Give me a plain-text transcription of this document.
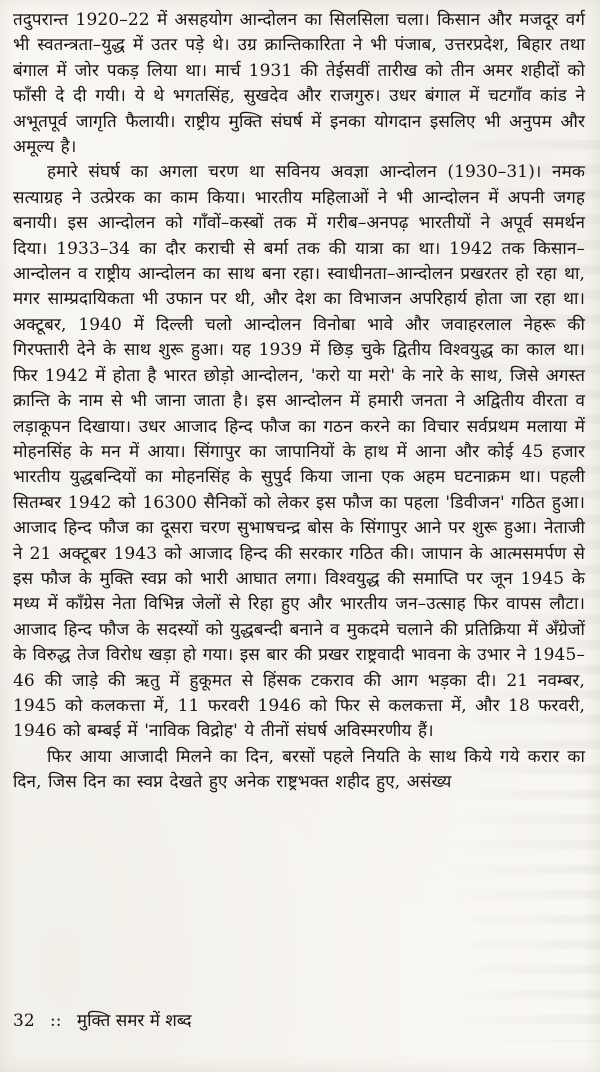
तदुपरान्त 1920–22 में असहयोग आन्दोलन का सिलसिला चला। किसान और मजदूर वर्ग भी स्वतन्त्रता–युद्ध में उतर पड़े थे। उग्र क्रान्तिकारिता ने भी पंजाब, उत्तरप्रदेश, बिहार तथा बंगाल में जोर पकड़ लिया था। मार्च 1931 की तेईसवीं तारीख को तीन अमर शहीदों को फाँसी दे दी गयी। ये थे भगतसिंह, सुखदेव और राजगुरु। उधर बंगाल में चटगाँव कांड ने अभूतपूर्व जागृति फैलायी। राष्ट्रीय मुक्ति संघर्ष में इनका योगदान इसलिए भी अनुपम और अमूल्य है।

हमारे संघर्ष का अगला चरण था सविनय अवज्ञा आन्दोलन (1930–31)। नमक सत्याग्रह ने उत्प्रेरक का काम किया। भारतीय महिलाओं ने भी आन्दोलन में अपनी जगह बनायी। इस आन्दोलन को गाँवों–कस्बों तक में गरीब–अनपढ़ भारतीयों ने अपूर्व समर्थन दिया। 1933–34 का दौर कराची से बर्मा तक की यात्रा का था। 1942 तक किसान–आन्दोलन व राष्ट्रीय आन्दोलन का साथ बना रहा। स्वाधीनता–आन्दोलन प्रखरतर हो रहा था, मगर साम्प्रदायिकता भी उफान पर थी, और देश का विभाजन अपरिहार्य होता जा रहा था। अक्टूबर, 1940 में दिल्ली चलो आन्दोलन विनोबा भावे और जवाहरलाल नेहरू की गिरफ्तारी देने के साथ शुरू हुआ। यह 1939 में छिड़ चुके द्वितीय विश्वयुद्ध का काल था। फिर 1942 में होता है भारत छोड़ो आन्दोलन, 'करो या मरो' के नारे के साथ, जिसे अगस्त क्रान्ति के नाम से भी जाना जाता है। इस आन्दोलन में हमारी जनता ने अद्वितीय वीरता व लड़ाकूपन दिखाया। उधर आजाद हिन्द फौज का गठन करने का विचार सर्वप्रथम मलाया में मोहनसिंह के मन में आया। सिंगापुर का जापानियों के हाथ में आना और कोई 45 हजार भारतीय युद्धबन्दियों का मोहनसिंह के सुपुर्द किया जाना एक अहम घटनाक्रम था। पहली सितम्बर 1942 को 16300 सैनिकों को लेकर इस फौज का पहला 'डिवीजन' गठित हुआ। आजाद हिन्द फौज का दूसरा चरण सुभाषचन्द्र बोस के सिंगापुर आने पर शुरू हुआ। नेताजी ने 21 अक्टूबर 1943 को आजाद हिन्द की सरकार गठित की। जापान के आत्मसमर्पण से इस फौज के मुक्ति स्वप्न को भारी आघात लगा। विश्वयुद्ध की समाप्ति पर जून 1945 के मध्य में काँग्रेस नेता विभिन्न जेलों से रिहा हुए और भारतीय जन–उत्साह फिर वापस लौटा। आजाद हिन्द फौज के सदस्यों को युद्धबन्दी बनाने व मुकदमे चलाने की प्रतिक्रिया में अँग्रेजों के विरुद्ध तेज विरोध खड़ा हो गया। इस बार की प्रखर राष्ट्रवादी भावना के उभार ने 1945–46 की जाड़े की ऋतु में हुकूमत से हिंसक टकराव की आग भड़का दी। 21 नवम्बर, 1945 को कलकत्ता में, 11 फरवरी 1946 को फिर से कलकत्ता में, और 18 फरवरी, 1946 को बम्बई में 'नाविक विद्रोह' ये तीनों संघर्ष अविस्मरणीय हैं।

फिर आया आजादी मिलने का दिन, बरसों पहले नियति के साथ किये गये करार का दिन, जिस दिन का स्वप्न देखते हुए अनेक राष्ट्रभक्त शहीद हुए, असंख्य

32 :: मुक्ति समर में शब्द
